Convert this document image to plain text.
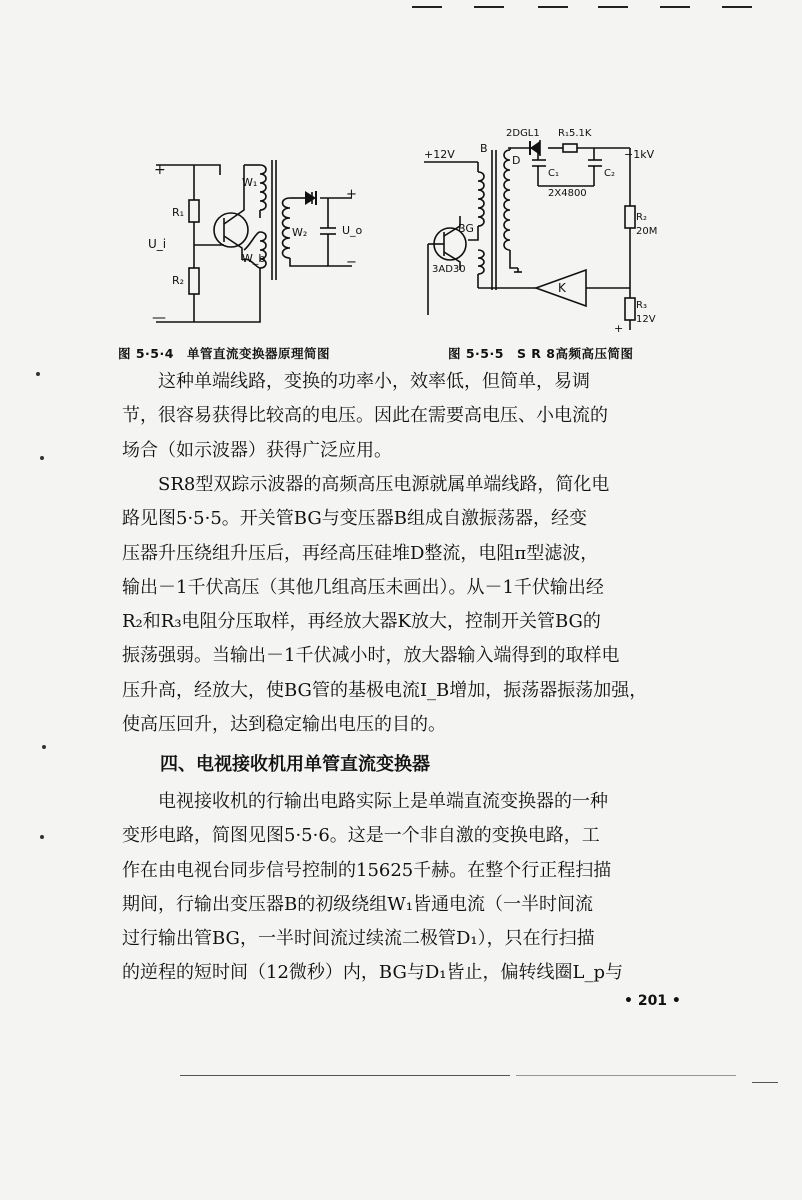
+
—
U_i
R₁
R₂
W₁
W_b
W₂
+
−
U_o
+12V B
2DGL1
D
R₁5.1K
C₁	C₂
2X4800
−1kV
R₂
20M
BG
3AD30
K
R₃
12V
+
图 5·5·4　单管直流变换器原理简图	图 5·5·5　S R 8高频高压简图
这种单端线路，变换的功率小，效率低，但简单，易调
节，很容易获得比较高的电压。因此在需要高电压、小电流的
场合（如示波器）获得广泛应用。
SR8型双踪示波器的高频高压电源就属单端线路，简化电
路见图5·5·5。开关管BG与变压器B组成自激振荡器，经变
压器升压绕组升压后，再经高压硅堆D整流，电阻π型滤波，
输出－1千伏高压（其他几组高压未画出）。从－1千伏输出经
R₂和R₃电阻分压取样，再经放大器K放大，控制开关管BG的
振荡强弱。当输出－1千伏减小时，放大器输入端得到的取样电
压升高，经放大，使BG管的基极电流I_B增加，振荡器振荡加强，
使高压回升，达到稳定输出电压的目的。
四、电视接收机用单管直流变换器
电视接收机的行输出电路实际上是单端直流变换器的一种
变形电路，简图见图5·5·6。这是一个非自激的变换电路，工
作在由电视台同步信号控制的15625千赫。在整个行正程扫描
期间，行输出变压器B的初级绕组W₁皆通电流（一半时间流
过行输出管BG，一半时间流过续流二极管D₁），只在行扫描
的逆程的短时间（12微秒）内，BG与D₁皆止，偏转线圈L_p与
• 201 •
